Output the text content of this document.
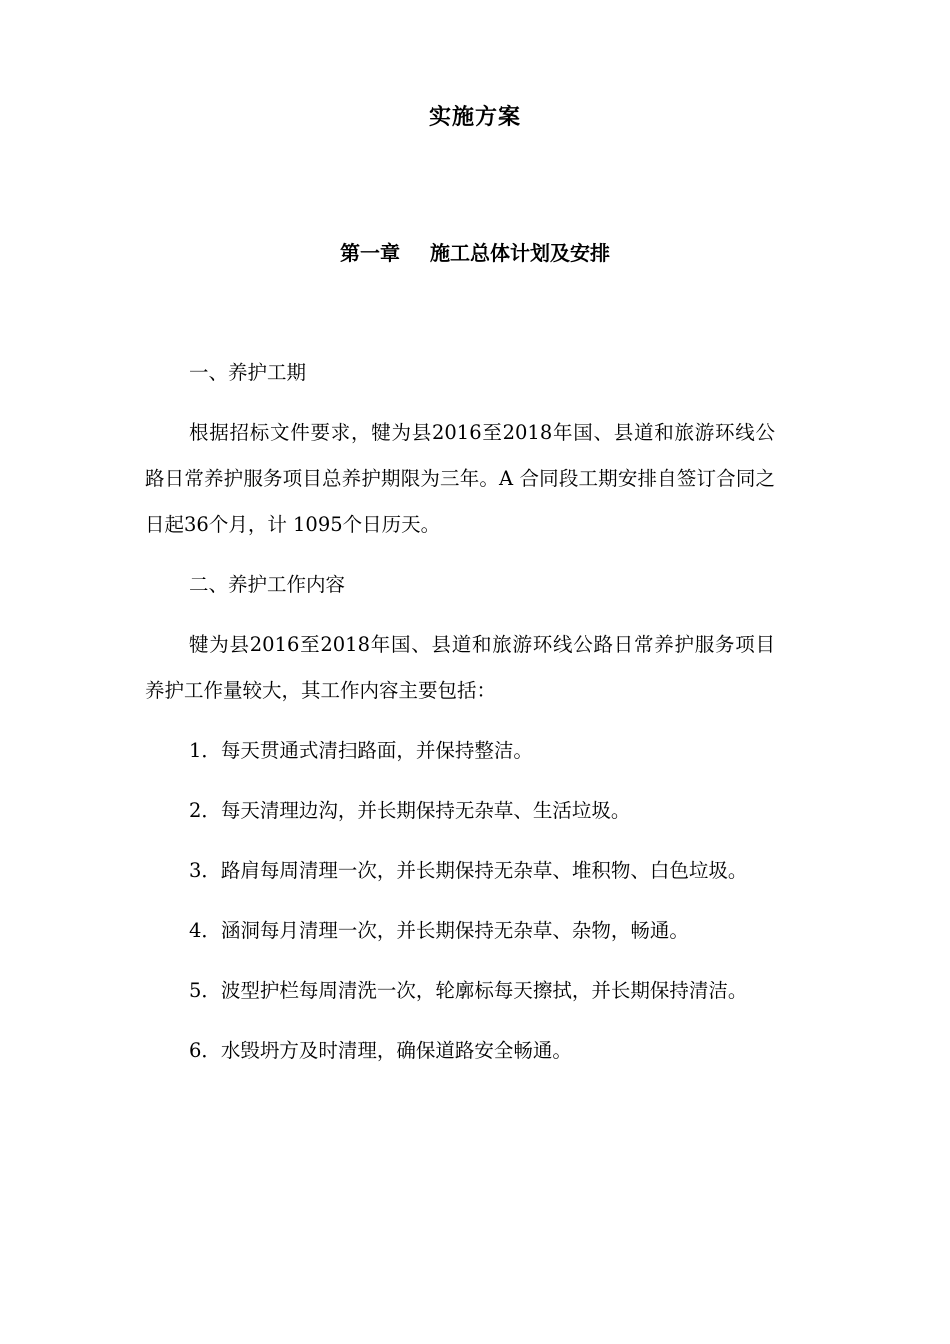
实施方案
第一章 施工总体计划及安排
一、养护工期

根据招标文件要求，犍为县2016至2018年国、县道和旅游环线公路日常养护服务项目总养护期限为三年。A 合同段工期安排自签订合同之日起36个月，计 1095个日历天。

二、养护工作内容

犍为县2016至2018年国、县道和旅游环线公路日常养护服务项目养护工作量较大，其工作内容主要包括：

1．每天贯通式清扫路面，并保持整洁。

2．每天清理边沟，并长期保持无杂草、生活垃圾。

3．路肩每周清理一次，并长期保持无杂草、堆积物、白色垃圾。

4．涵洞每月清理一次，并长期保持无杂草、杂物，畅通。

5．波型护栏每周清洗一次，轮廓标每天擦拭，并长期保持清洁。

6．水毁坍方及时清理，确保道路安全畅通。
